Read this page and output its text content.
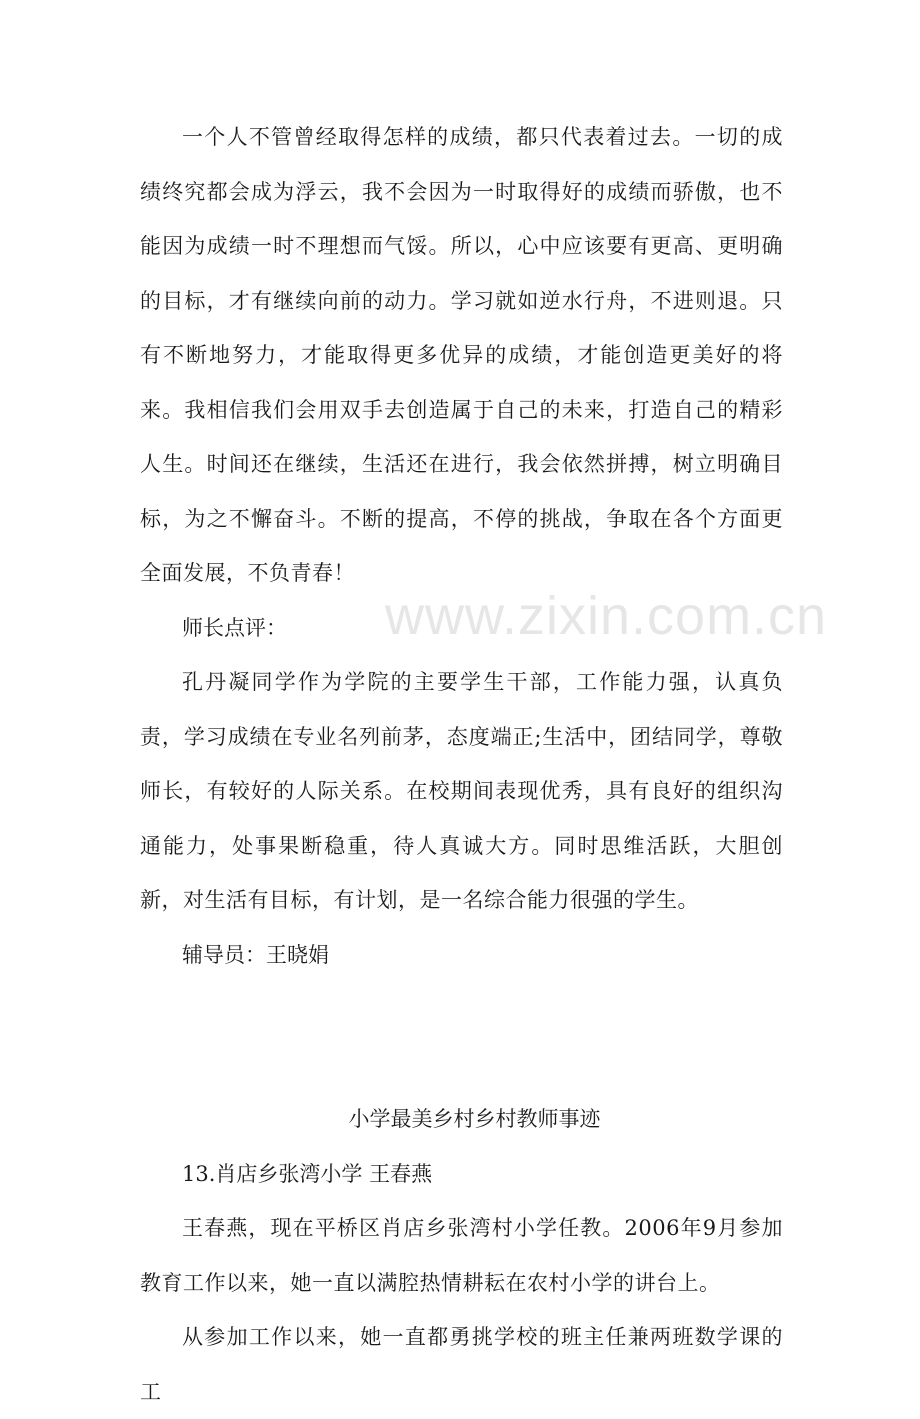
一个人不管曾经取得怎样的成绩，都只代表着过去。一切的成绩终究都会成为浮云，我不会因为一时取得好的成绩而骄傲，也不能因为成绩一时不理想而气馁。所以，心中应该要有更高、更明确的目标，才有继续向前的动力。学习就如逆水行舟，不进则退。只有不断地努力，才能取得更多优异的成绩，才能创造更美好的将来。我相信我们会用双手去创造属于自己的未来，打造自己的精彩人生。时间还在继续，生活还在进行，我会依然拼搏，树立明确目标，为之不懈奋斗。不断的提高，不停的挑战，争取在各个方面更全面发展，不负青春！

师长点评：

孔丹凝同学作为学院的主要学生干部，工作能力强，认真负责，学习成绩在专业名列前茅，态度端正;生活中，团结同学，尊敬师长，有较好的人际关系。在校期间表现优秀，具有良好的组织沟通能力，处事果断稳重，待人真诚大方。同时思维活跃，大胆创新，对生活有目标，有计划，是一名综合能力很强的学生。

辅导员：王晓娟

小学最美乡村乡村教师事迹

13.肖店乡张湾小学 王春燕

王春燕，现在平桥区肖店乡张湾村小学任教。2006年9月参加教育工作以来，她一直以满腔热情耕耘在农村小学的讲台上。

从参加工作以来，她一直都勇挑学校的班主任兼两班数学课的工

www.zixin.com.cn
